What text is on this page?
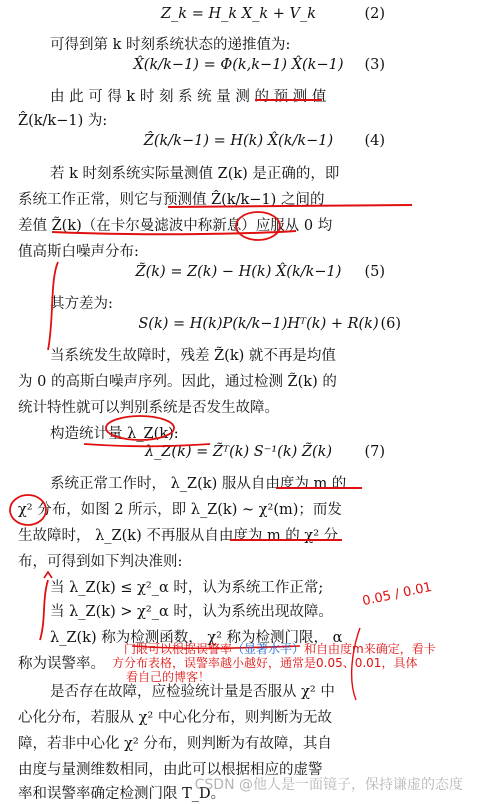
Z_k = H_k X_k + V_k	(2)
可得到第 k 时刻系统状态的递推值为:
X̂(k/k−1) = Φ(k,k−1) X̂(k−1) (3)
由 此 可 得 k 时 刻 系 统 量 测 的 预 测 值
Ẑ(k/k−1) 为:
Ẑ(k/k−1) = H(k) X̂(k/k−1) (4)
若 k 时刻系统实际量测值 Z(k) 是正确的，即
系统工作正常，则它与预测值 Ẑ(k/k−1) 之间的
差值 Z̃(k)（在卡尔曼滤波中称新息）应服从 0 均
值高斯白噪声分布:
Z̃(k) = Z(k) − H(k) X̂(k/k−1) (5)
其方差为:
S(k) = H(k)P(k/k−1)Hᵀ(k) + R(k) (6)
当系统发生故障时，残差 Z̃(k) 就不再是均值
为 0 的高斯白噪声序列。因此，通过检测 Z̃(k) 的
统计特性就可以判别系统是否发生故障。
构造统计量 λ_Z(k):
λ_Z(k) = Z̃ᵀ(k) S⁻¹(k) Z̃(k) (7)
系统正常工作时， λ_Z(k) 服从自由度为 m 的
χ² 分布，如图 2 所示，即 λ_Z(k) ~ χ²(m)；而发
生故障时， λ_Z(k) 不再服从自由度为 m 的 χ² 分
布，可得到如下判决准则:
当 λ_Z(k) ≤ χ²_α 时，认为系统工作正常;
当 λ_Z(k) > χ²_α 时，认为系统出现故障。
λ_Z(k) 称为检测函数， χ² 称为检测门限， α
称为误警率。
是否存在故障，应检验统计量是否服从 χ² 中
心化分布，若服从 χ² 中心化分布，则判断为无故
障，若非中心化 χ² 分布，则判断为有故障，其自
由度与量测维数相同，由此可以根据相应的虚警
率和误警率确定检测门限 T_D。
0.05 / 0.01
门限可以根据误警率（显著水平）和自由度m来确定，看卡
方分布表格，误警率越小越好，通常是0.05、0.01，具体
看自己的博客！
CSDN @他人是一面镜子，保持谦虚的态度
